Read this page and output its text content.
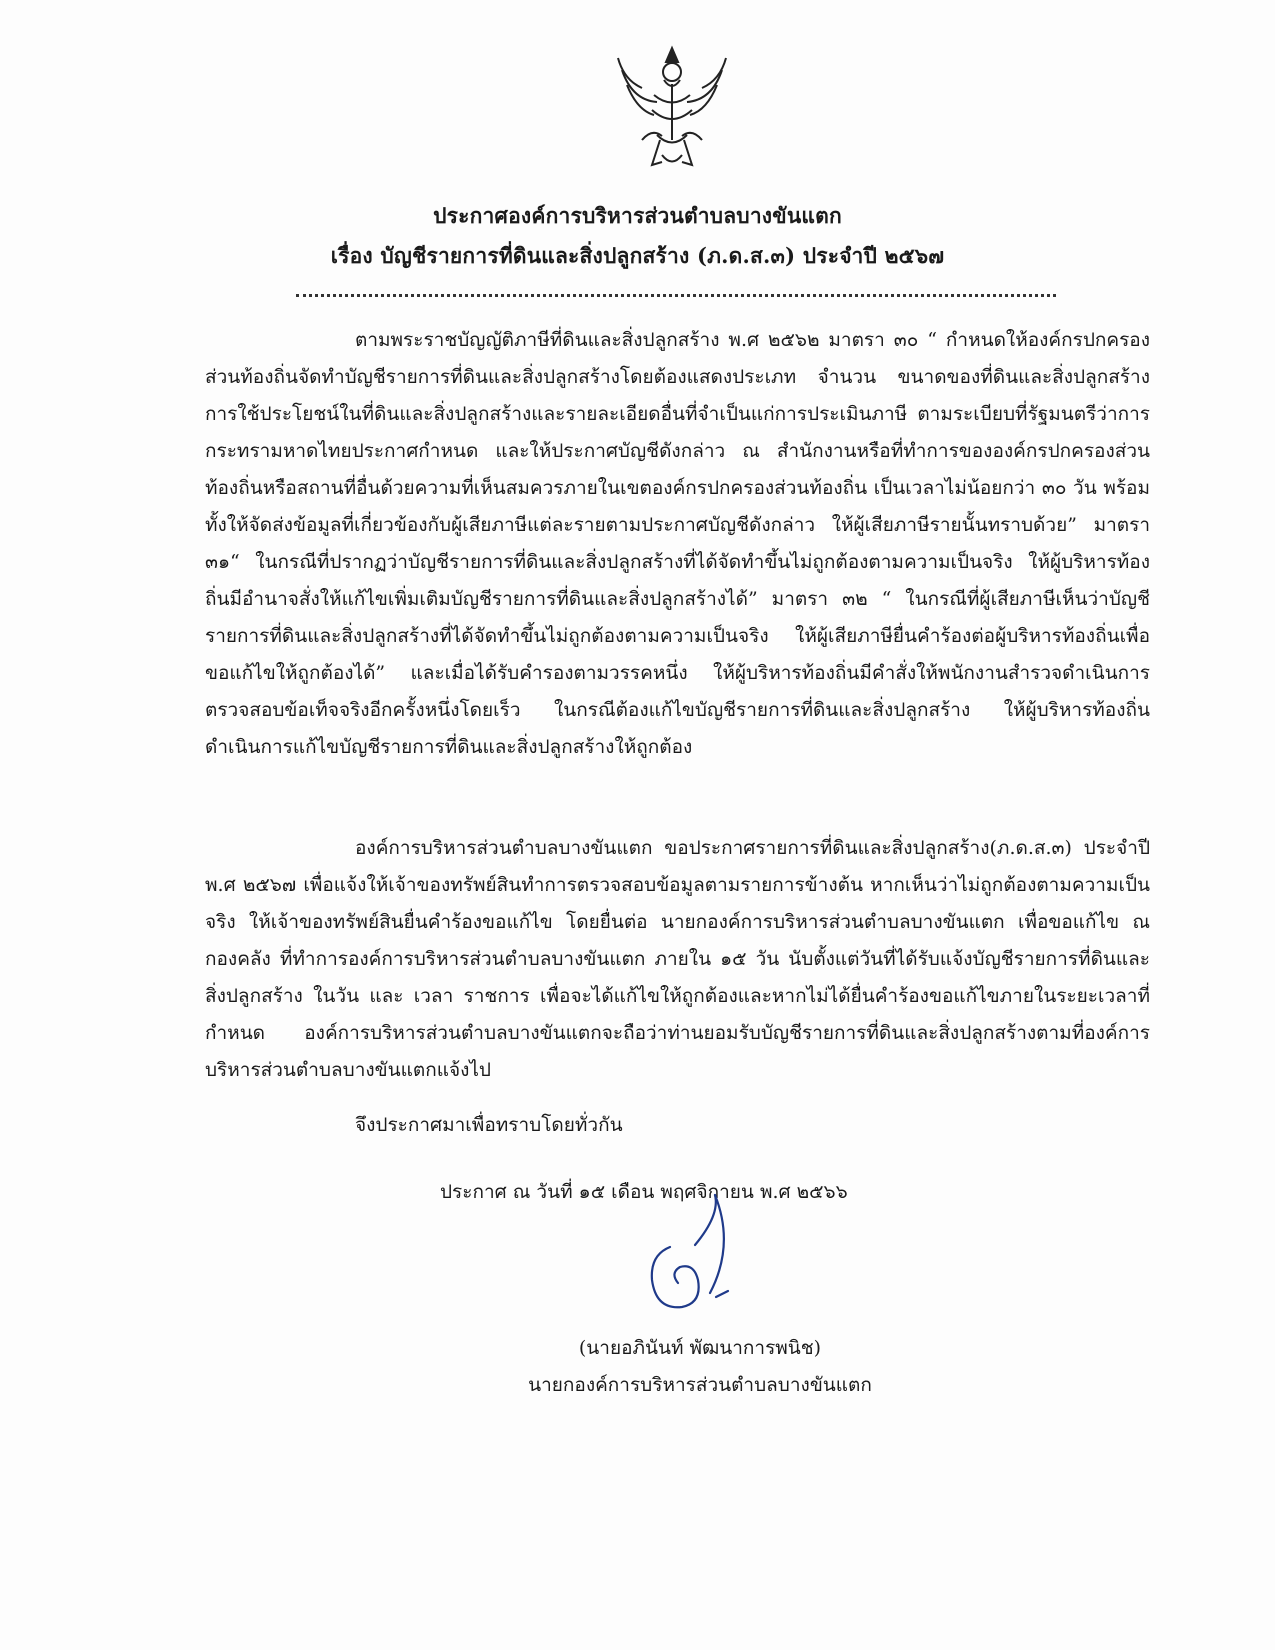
ประกาศองค์การบริหารส่วนตำบลบางขันแตก
เรื่อง บัญชีรายการที่ดินและสิ่งปลูกสร้าง (ภ.ด.ส.๓) ประจำปี ๒๕๖๗
ตามพระราชบัญญัติภาษีที่ดินและสิ่งปลูกสร้าง พ.ศ ๒๕๖๒ มาตรา ๓๐ “ กำหนดให้องค์กรปกครองส่วนท้องถิ่นจัดทำบัญชีรายการที่ดินและสิ่งปลูกสร้างโดยต้องแสดงประเภท จำนวน ขนาดของที่ดินและสิ่งปลูกสร้าง การใช้ประโยชน์ในที่ดินและสิ่งปลูกสร้างและรายละเอียดอื่นที่จำเป็นแก่การประเมินภาษี ตามระเบียบที่รัฐมนตรีว่าการกระทรามหาดไทยประกาศกำหนด และให้ประกาศบัญชีดังกล่าว ณ สำนักงานหรือที่ทำการขององค์กรปกครองส่วนท้องถิ่นหรือสถานที่อื่นด้วยความที่เห็นสมควรภายในเขตองค์กรปกครองส่วนท้องถิ่น เป็นเวลาไม่น้อยกว่า ๓๐ วัน พร้อมทั้งให้จัดส่งข้อมูลที่เกี่ยวข้องกับผู้เสียภาษีแต่ละรายตามประกาศบัญชีดังกล่าว ให้ผู้เสียภาษีรายนั้นทราบด้วย” มาตรา ๓๑“ ในกรณีที่ปรากฏว่าบัญชีรายการที่ดินและสิ่งปลูกสร้างที่ได้จัดทำขึ้นไม่ถูกต้องตามความเป็นจริง ให้ผู้บริหารท้องถิ่นมีอำนาจสั่งให้แก้ไขเพิ่มเติมบัญชีรายการที่ดินและสิ่งปลูกสร้างได้” มาตรา ๓๒ “ ในกรณีที่ผู้เสียภาษีเห็นว่าบัญชีรายการที่ดินและสิ่งปลูกสร้างที่ได้จัดทำขึ้นไม่ถูกต้องตามความเป็นจริง ให้ผู้เสียภาษียื่นคำร้องต่อผู้บริหารท้องถิ่นเพื่อขอแก้ไขให้ถูกต้องได้” และเมื่อได้รับคำรองตามวรรคหนึ่ง ให้ผู้บริหารท้องถิ่นมีคำสั่งให้พนักงานสำรวจดำเนินการตรวจสอบข้อเท็จจริงอีกครั้งหนึ่งโดยเร็ว ในกรณีต้องแก้ไขบัญชีรายการที่ดินและสิ่งปลูกสร้าง ให้ผู้บริหารท้องถิ่นดำเนินการแก้ไขบัญชีรายการที่ดินและสิ่งปลูกสร้างให้ถูกต้อง
องค์การบริหารส่วนตำบลบางขันแตก ขอประกาศรายการที่ดินและสิ่งปลูกสร้าง(ภ.ด.ส.๓) ประจำปี พ.ศ ๒๕๖๗ เพื่อแจ้งให้เจ้าของทรัพย์สินทำการตรวจสอบข้อมูลตามรายการข้างต้น หากเห็นว่าไม่ถูกต้องตามความเป็นจริง ให้เจ้าของทรัพย์สินยื่นคำร้องขอแก้ไข โดยยื่นต่อ นายกองค์การบริหารส่วนตำบลบางขันแตก เพื่อขอแก้ไข ณ กองคลัง ที่ทำการองค์การบริหารส่วนตำบลบางขันแตก ภายใน ๑๕ วัน นับตั้งแต่วันที่ได้รับแจ้งบัญชีรายการที่ดินและสิ่งปลูกสร้าง ในวัน และ เวลา ราชการ เพื่อจะได้แก้ไขให้ถูกต้องและหากไม่ได้ยื่นคำร้องขอแก้ไขภายในระยะเวลาที่กำหนด องค์การบริหารส่วนตำบลบางขันแตกจะถือว่าท่านยอมรับบัญชีรายการที่ดินและสิ่งปลูกสร้างตามที่องค์การบริหารส่วนตำบลบางขันแตกแจ้งไป
จึงประกาศมาเพื่อทราบโดยทั่วกัน
ประกาศ ณ วันที่ ๑๕ เดือน พฤศจิกายน พ.ศ ๒๕๖๖
(นายอภินันท์ พัฒนาการพนิช)
นายกองค์การบริหารส่วนตำบลบางขันแตก
